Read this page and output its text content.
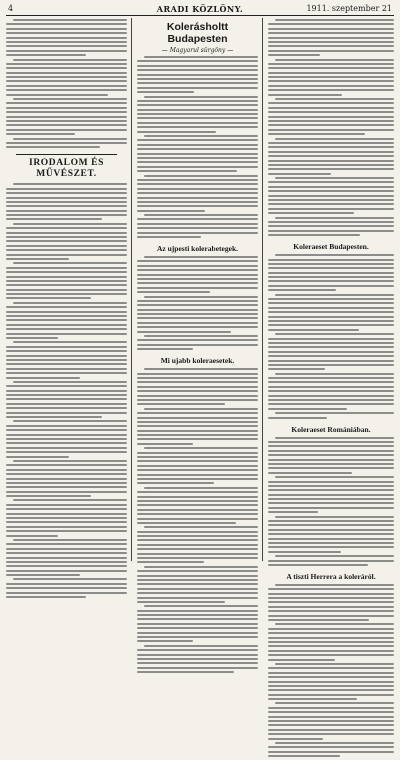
4	ARADI KÖZLÖNY.	1911. szeptember 21
IRODALOM ÉS MŰVÉSZET.
Kolerásholtt Budapesten
— Magyarul sürgöny —
Az ujpesti kolerabetegek.
Mi ujabb koleraesetek.
Koleraeset Budapesten.
Koleraeset Romániában.
A tiszti Herrera a koleráról.
